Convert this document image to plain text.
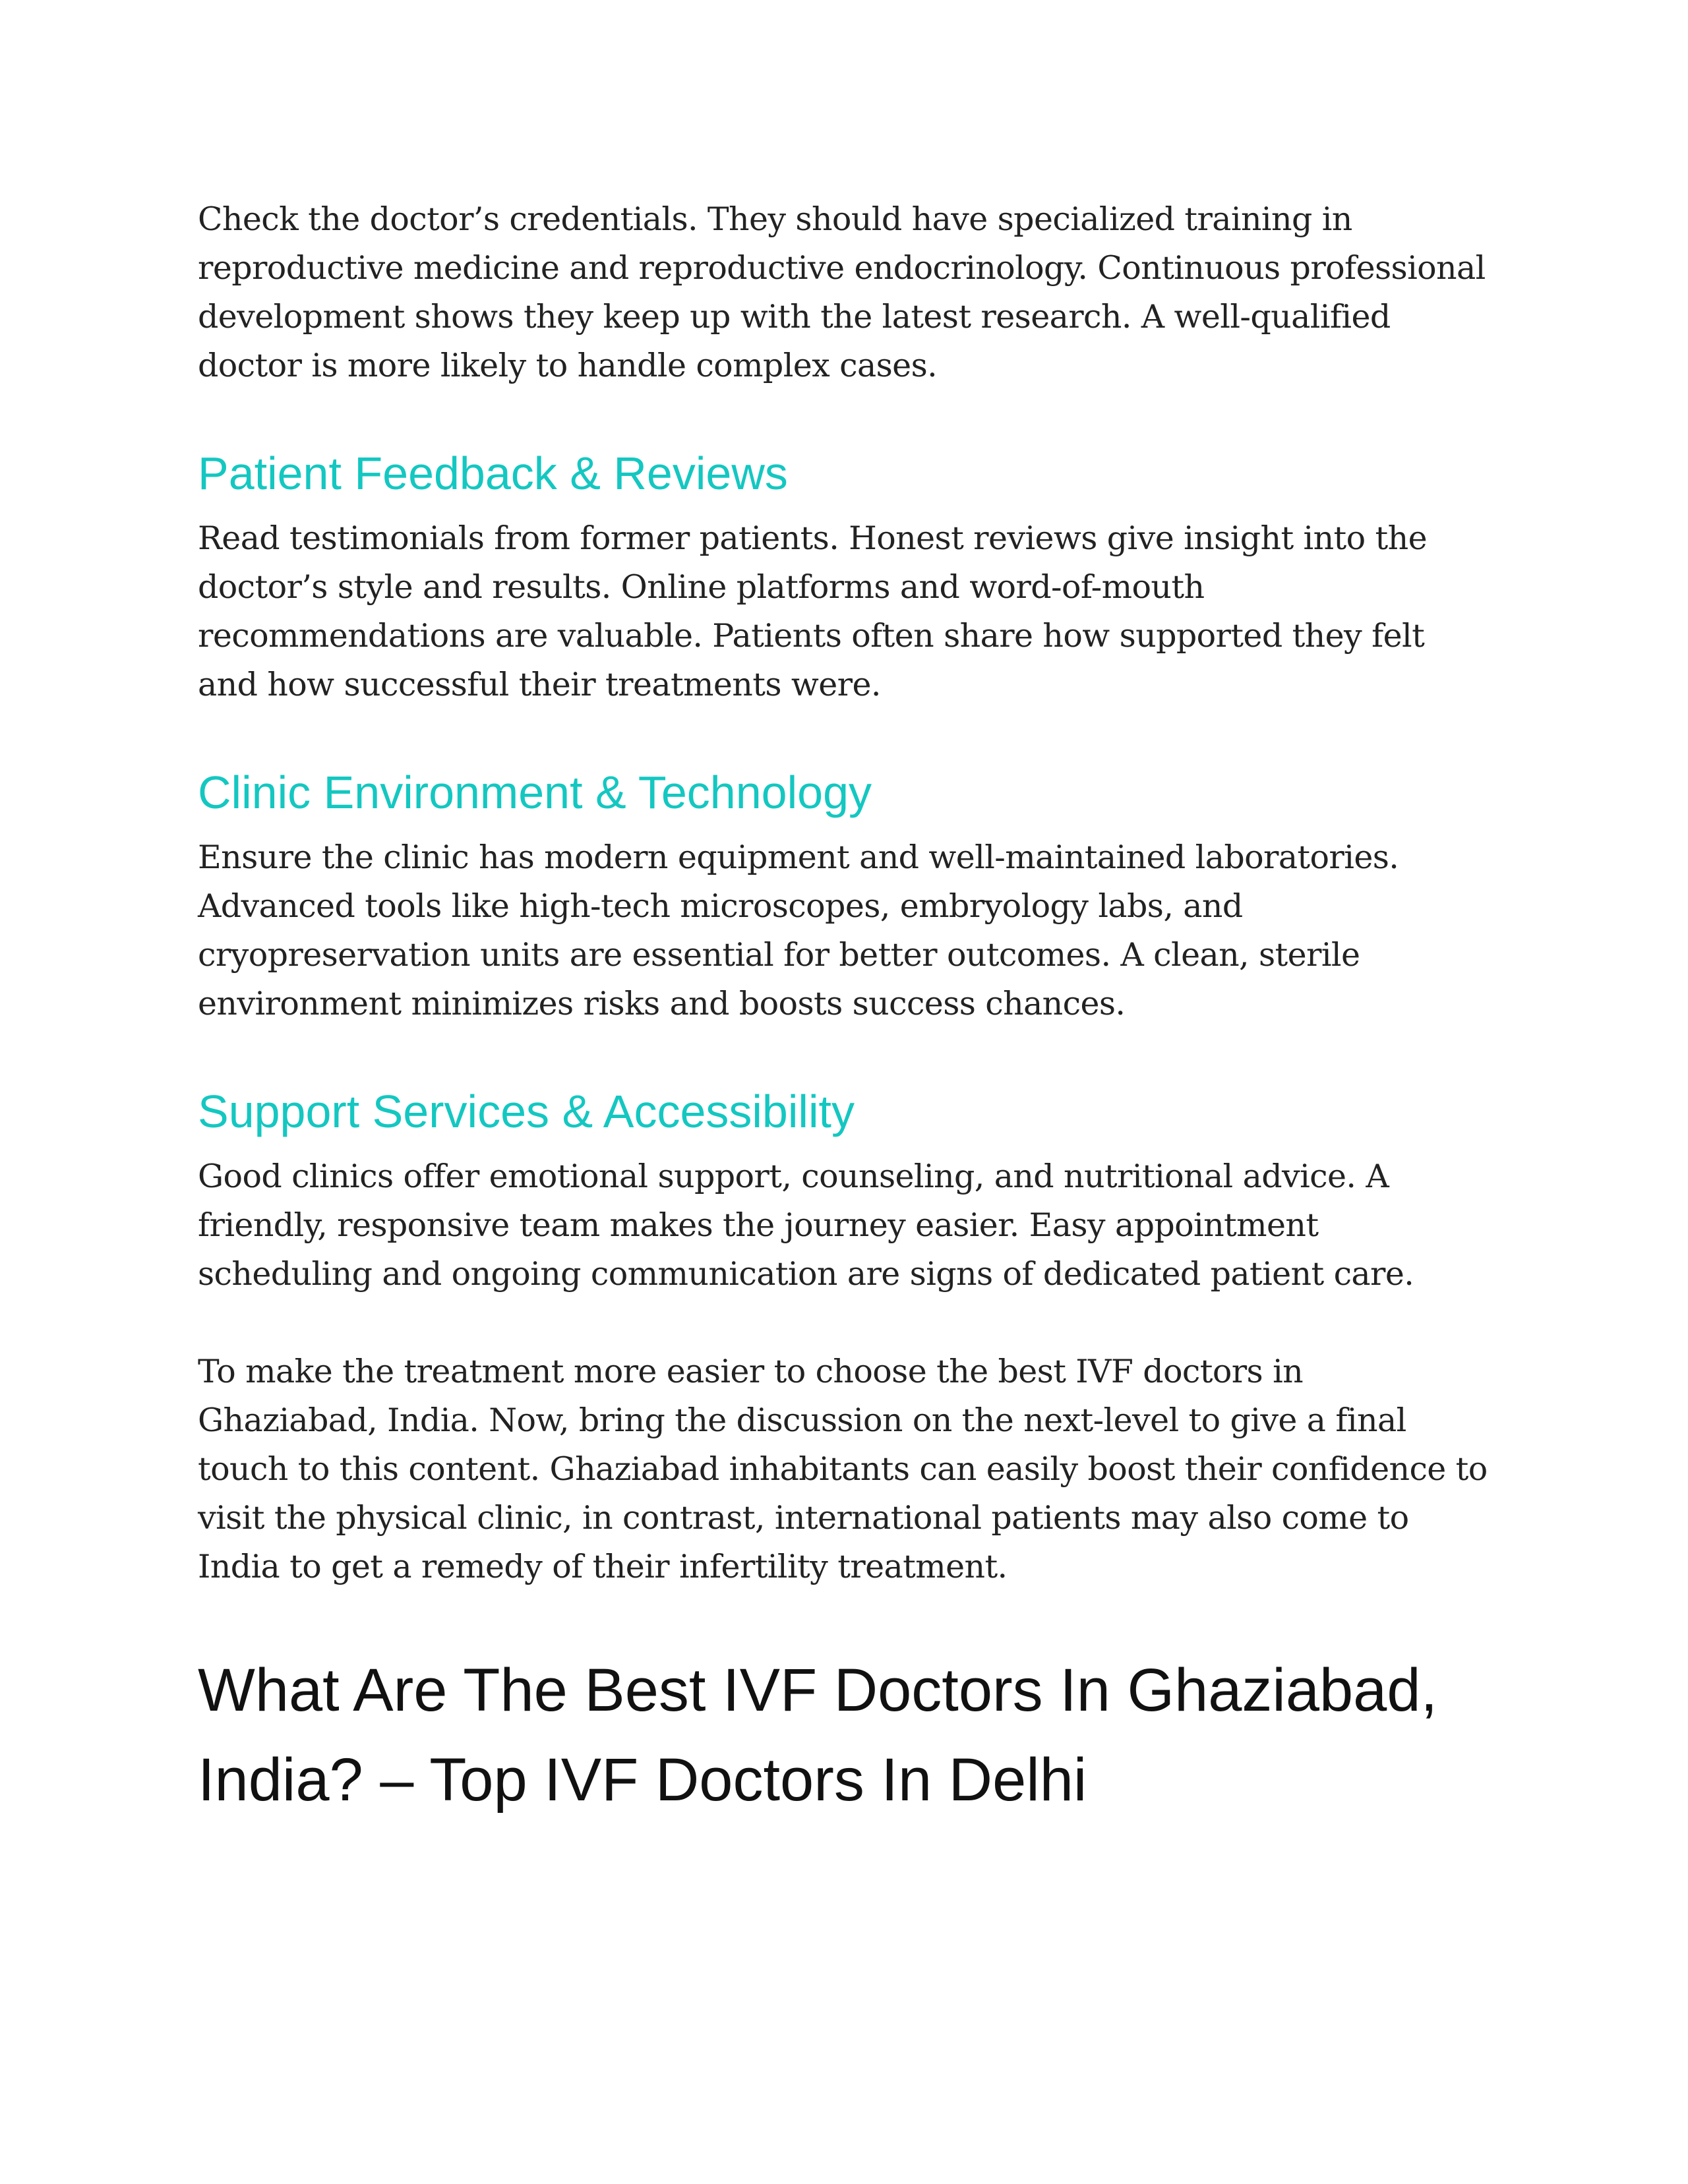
Check the doctor’s credentials. They should have specialized training in reproductive medicine and reproductive endocrinology. Continuous professional development shows they keep up with the latest research. A well-qualified doctor is more likely to handle complex cases.

Patient Feedback & Reviews

Read testimonials from former patients. Honest reviews give insight into the doctor’s style and results. Online platforms and word-of-mouth recommendations are valuable. Patients often share how supported they felt and how successful their treatments were.

Clinic Environment & Technology

Ensure the clinic has modern equipment and well-maintained laboratories. Advanced tools like high-tech microscopes, embryology labs, and cryopreservation units are essential for better outcomes. A clean, sterile environment minimizes risks and boosts success chances.

Support Services & Accessibility

Good clinics offer emotional support, counseling, and nutritional advice. A friendly, responsive team makes the journey easier. Easy appointment scheduling and ongoing communication are signs of dedicated patient care.

To make the treatment more easier to choose the best IVF doctors in Ghaziabad, India. Now, bring the discussion on the next-level to give a final touch to this content. Ghaziabad inhabitants can easily boost their confidence to visit the physical clinic, in contrast, international patients may also come to India to get a remedy of their infertility treatment.

What Are The Best IVF Doctors In Ghaziabad, India? – Top IVF Doctors In Delhi
